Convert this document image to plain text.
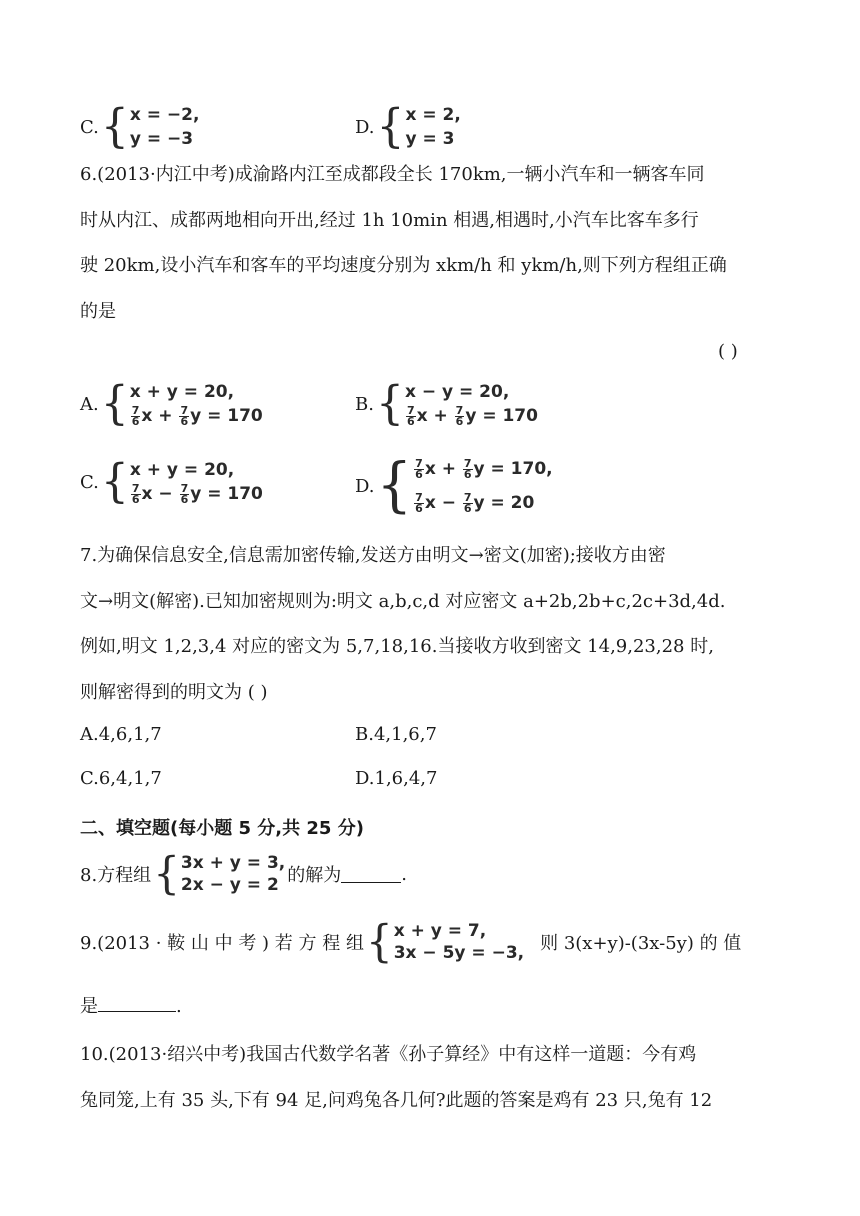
C. { x = −2,
y = −3
D. { x = 2,
y = 3
6.(2013·内江中考)成渝路内江至成都段全长 170km,一辆小汽车和一辆客车同
时从内江、成都两地相向开出,经过 1h 10min 相遇,相遇时,小汽车比客车多行
驶 20km,设小汽车和客车的平均速度分别为 xkm/h 和 ykm/h,则下列方程组正确
的是
( )
A. { x + y = 20,
$\frac{7}{6}$ $x + \frac{7}{6}$ y = 170
B. { x − y = 20,
$\frac{7}{6}$ $x + \frac{7}{6}$ y = 170
C. { x + y = 20,
$\frac{7}{6}$ $x - \frac{7}{6}$ y = 170	D. { $\frac{7}{6}$ $x + \frac{7}{6}$ y = 170,
$\frac{7}{6}$ $x - \frac{7}{6}$ y = 20
7.为确保信息安全,信息需加密传输,发送方由明文→密文(加密);接收方由密
文→明文(解密).已知加密规则为:明文 a,b,c,d 对应密文 a+2b,2b+c,2c+3d,4d.
例如,明文 1,2,3,4 对应的密文为 5,7,18,16.当接收方收到密文 14,9,23,28 时,
则解密得到的明文为 ( )
A.4,6,1,7	B.4,1,6,7
C.6,4,1,7	D.1,6,4,7
二、填空题(每小题 5 分,共 25 分)
8.方程组 { 3x + y = 3,
2x − y = 2 的解为	.
9.(2013 · 鞍 山 中 考 ) 若 方 程 组 { x + y = 7,
3x − 5y = −3, 则 3(x+y)-(3x-5y) 的 值
是	.
10.(2013·绍兴中考)我国古代数学名著《孙子算经》中有这样一道题：今有鸡
兔同笼,上有 35 头,下有 94 足,问鸡兔各几何?此题的答案是鸡有 23 只,兔有 12
